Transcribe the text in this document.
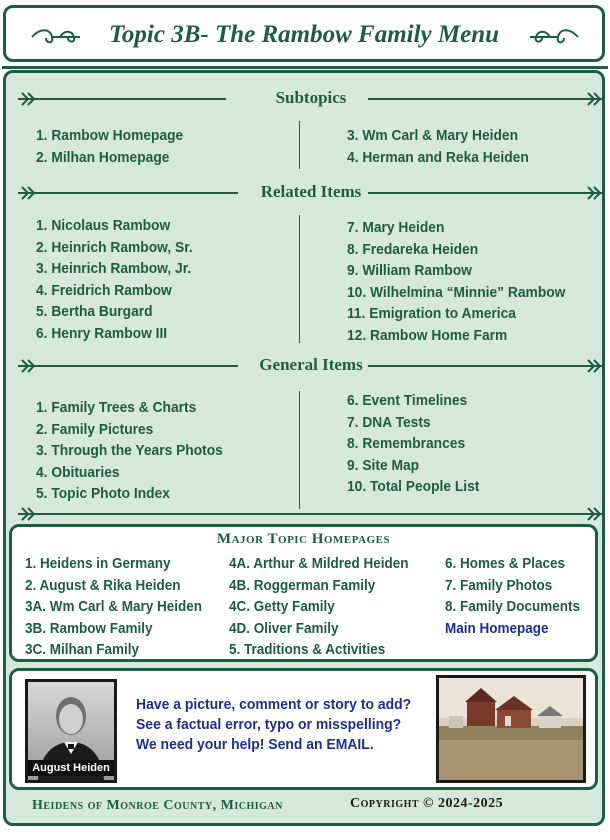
Topic 3B- The Rambow Family Menu
Subtopics
1. Rambow Homepage
2. Milhan Homepage
3. Wm Carl & Mary Heiden
4. Herman and Reka Heiden
Related Items
1. Nicolaus Rambow
2. Heinrich Rambow, Sr.
3. Heinrich Rambow, Jr.
4. Freidrich Rambow
5. Bertha Burgard
6. Henry Rambow III
7. Mary Heiden
8. Fredareka Heiden
9. William Rambow
10. Wilhelmina “Minnie” Rambow
11. Emigration to America
12. Rambow Home Farm
General Items
1. Family Trees & Charts
2. Family Pictures
3. Through the Years Photos
4. Obituaries
5. Topic Photo Index
6. Event Timelines
7. DNA Tests
8. Remembrances
9. Site Map
10. Total People List
Major Topic Homepages
1. Heidens in Germany
2. August & Rika Heiden
3A. Wm Carl & Mary Heiden
3B. Rambow Family
3C. Milhan Family
4A. Arthur & Mildred Heiden
4B. Roggerman Family
4C. Getty Family
4D. Oliver Family
5. Traditions & Activities
6. Homes & Places
7. Family Photos
8. Family Documents
Main Homepage
August Heiden
Have a picture, comment or story to add?
See a factual error, typo or misspelling?
We need your help! Send an EMAIL.
Heidens of Monroe County, Michigan	Copyright © 2024-2025
